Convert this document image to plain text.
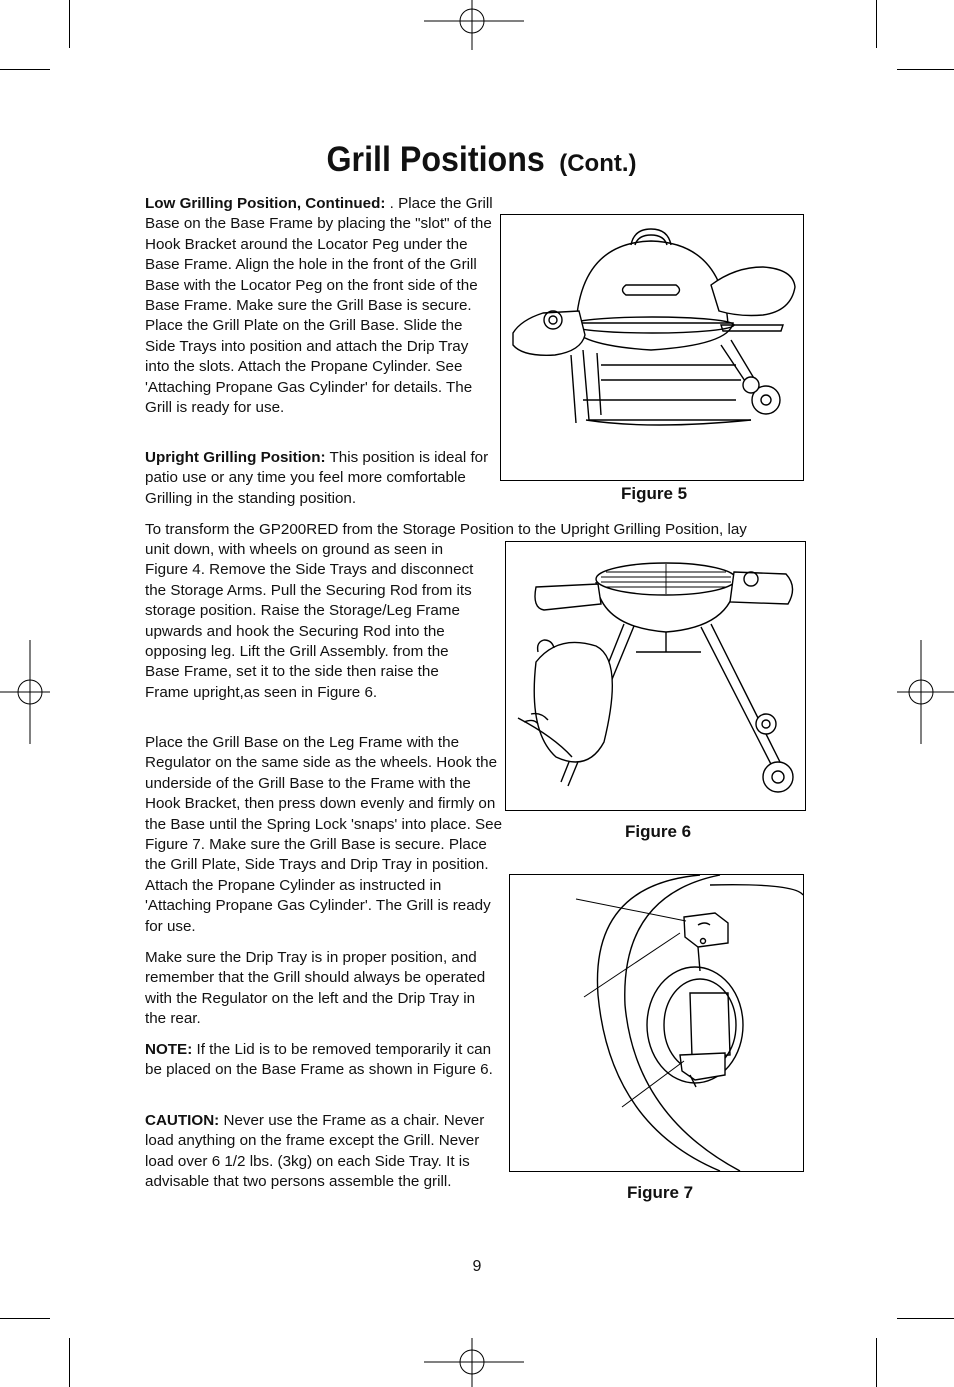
Grill Positions (Cont.)

Low Grilling Position, Continued: . Place the Grill Base on the Base Frame by placing the "slot" of the Hook Bracket around the Locator Peg under the Base Frame. Align the hole in the front of the Grill Base with the Locator Peg on the front side of the Base Frame. Make sure the Grill Base is secure. Place the Grill Plate on the Grill Base. Slide the Side Trays into position and attach the Drip Tray into the slots. Attach the Propane Cylinder. See 'Attaching Propane Gas Cylinder' for details. The Grill is ready for use.

Upright Grilling Position: This position is ideal for patio use or any time you feel more comfortable Grilling in the standing position.

To transform the GP200RED from the Storage Position to the Upright Grilling Position, lay

unit down, with wheels on ground as seen in Figure 4. Remove the Side Trays and disconnect the Storage Arms. Pull the Securing Rod from its storage position. Raise the Storage/Leg Frame upwards and hook the Securing Rod into the opposing leg. Lift the Grill Assembly. from the Base Frame, set it to the side then raise the Frame upright,as seen in Figure 6.

Place the Grill Base on the Leg Frame with the Regulator on the same side as the wheels. Hook the underside of the Grill Base to the Frame with the Hook Bracket, then press down evenly and firmly on the Base until the Spring Lock 'snaps' into place. See Figure 7. Make sure the Grill Base is secure. Place the Grill Plate, Side Trays and Drip Tray in position. Attach the Propane Cylinder as instructed in 'Attaching Propane Gas Cylinder'. The Grill is ready for use.

Make sure the Drip Tray is in proper position, and remember that the Grill should always be operated with the Regulator on the left and the Drip Tray in the rear.

NOTE: If the Lid is to be removed temporarily it can be placed on the Base Frame as shown in Figure 6.

CAUTION: Never use the Frame as a chair. Never load anything on the frame except the Grill. Never load over 6 1/2 lbs. (3kg) on each Side Tray. It is advisable that two persons assemble the grill.

Figure 5
Figure 6
Figure 7
9
